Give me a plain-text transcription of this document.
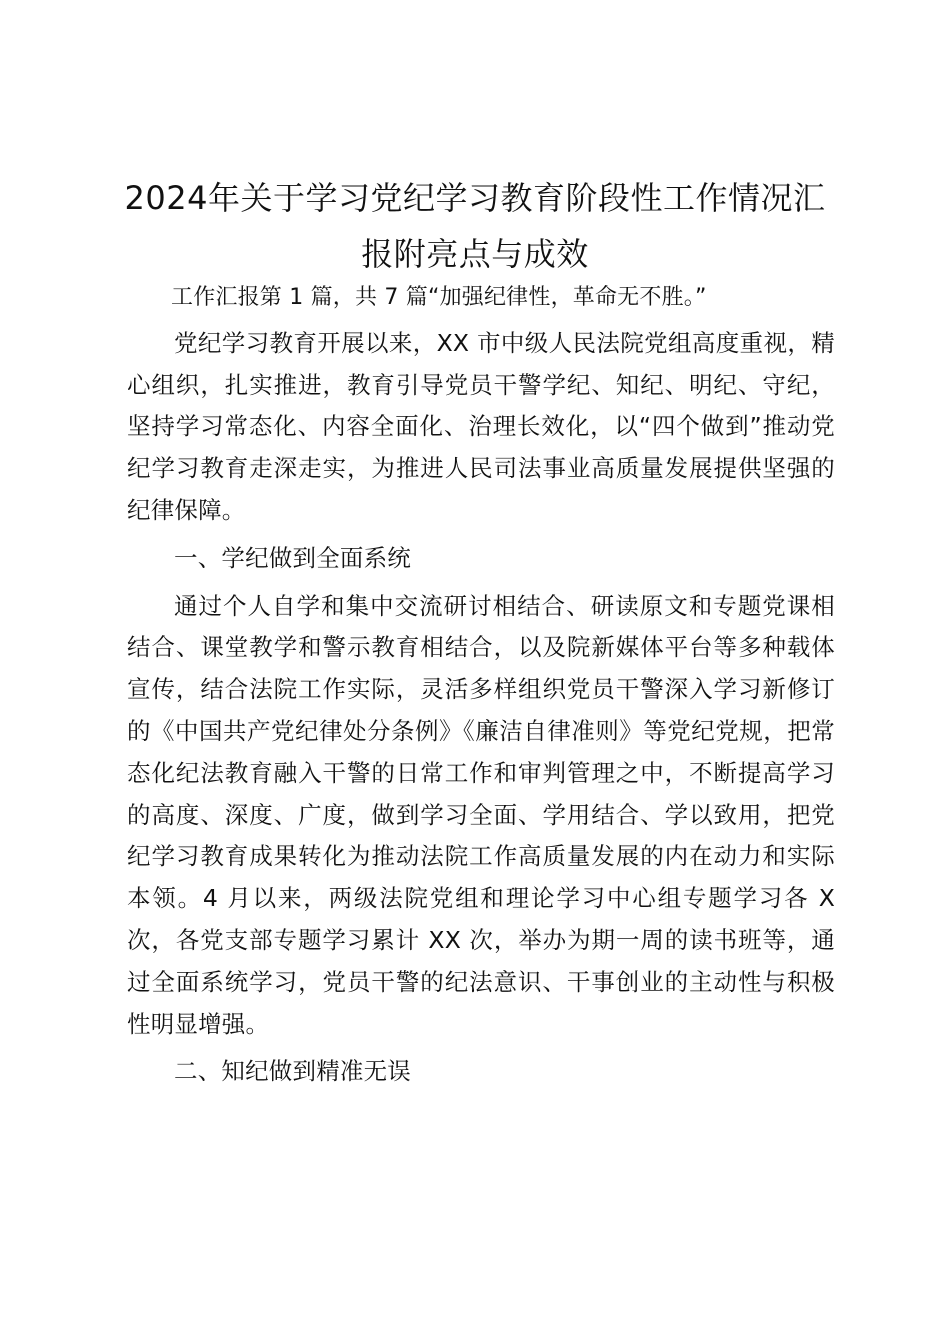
2024年关于学习党纪学习教育阶段性工作情况汇报附亮点与成效

工作汇报第 1 篇，共 7 篇“加强纪律性，革命无不胜。”

党纪学习教育开展以来，XX 市中级人民法院党组高度重视，精心组织，扎实推进，教育引导党员干警学纪、知纪、明纪、守纪，坚持学习常态化、内容全面化、治理长效化，以“四个做到”推动党纪学习教育走深走实，为推进人民司法事业高质量发展提供坚强的纪律保障。

一、学纪做到全面系统

通过个人自学和集中交流研讨相结合、研读原文和专题党课相结合、课堂教学和警示教育相结合，以及院新媒体平台等多种载体宣传，结合法院工作实际，灵活多样组织党员干警深入学习新修订的《中国共产党纪律处分条例》《廉洁自律准则》等党纪党规，把常态化纪法教育融入干警的日常工作和审判管理之中，不断提高学习的高度、深度、广度，做到学习全面、学用结合、学以致用，把党纪学习教育成果转化为推动法院工作高质量发展的内在动力和实际本领。4 月以来，两级法院党组和理论学习中心组专题学习各 X 次，各党支部专题学习累计 XX 次，举办为期一周的读书班等，通过全面系统学习，党员干警的纪法意识、干事创业的主动性与积极性明显增强。

二、知纪做到精准无误
